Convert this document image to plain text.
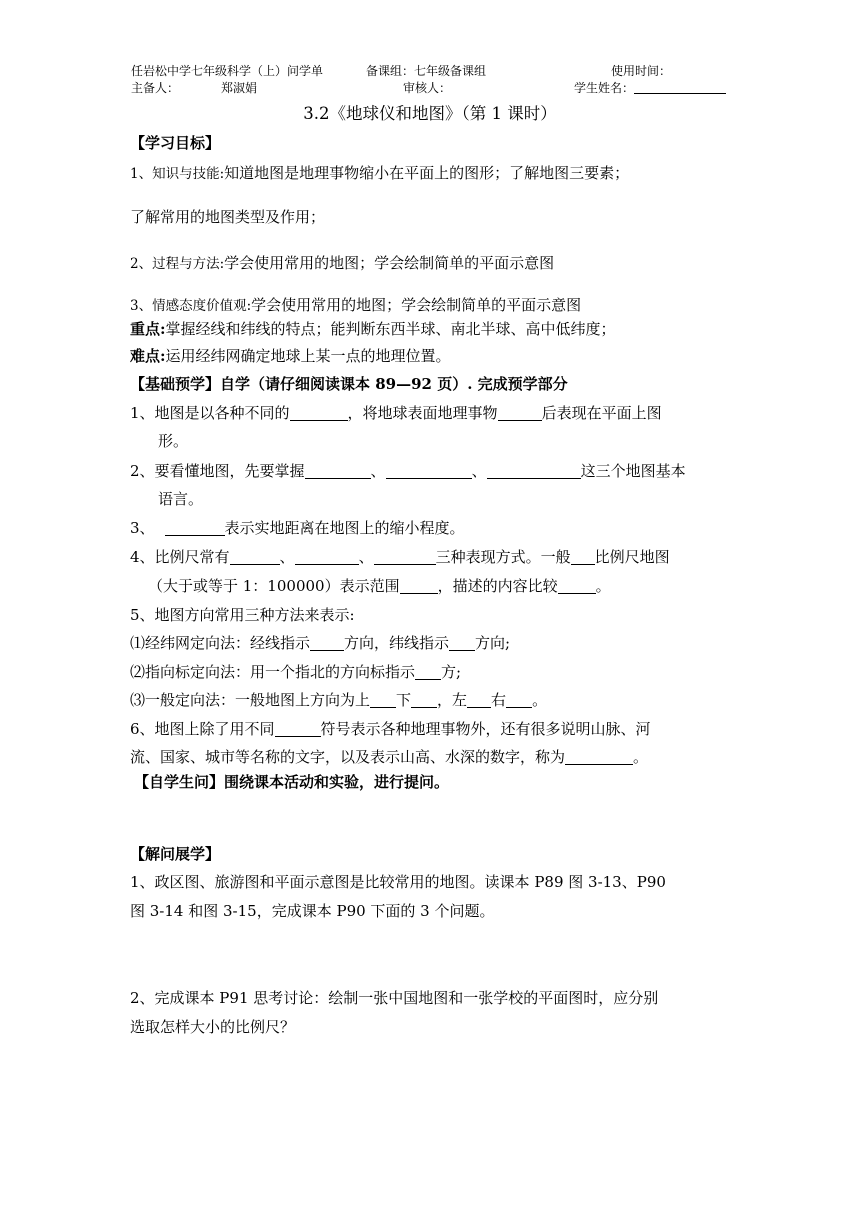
任岩松中学七年级科学（上）问学单	备课组：七年级备课组	使用时间：
主备人：	郑淑娟	审核人：	学生姓名：
3.2《地球仪和地图》（第 1 课时）
【学习目标】
1、知识与技能:知道地图是地理事物缩小在平面上的图形；了解地图三要素；
了解常用的地图类型及作用；
2、过程与方法:学会使用常用的地图；学会绘制简单的平面示意图
3、情感态度价值观:学会使用常用的地图；学会绘制简单的平面示意图
重点:掌握经线和纬线的特点；能判断东西半球、南北半球、高中低纬度；
难点:运用经纬网确定地球上某一点的地理位置。
【基础预学】自学（请仔细阅读课本 89—92 页）. 完成预学部分
1、地图是以各种不同的	，将地球表面地理事物	后表现在平面上图
形。
2、要看懂地图，先要掌握	、	、	这三个地图基本
语言。
3、	表示实地距离在地图上的缩小程度。
4、比例尺常有	、	、	三种表现方式。一般 比例尺地图
（大于或等于 1：100000）表示范围	，描述的内容比较	。
5、地图方向常用三种方法来表示:
⑴经纬网定向法：经线指示 方向，纬线指示 方向;
⑵指向标定向法：用一个指北的方向标指示 方;
⑶一般定向法：一般地图上方向为上 下 ，左 右 。
6、地图上除了用不同	符号表示各种地理事物外，还有很多说明山脉、河
流、国家、城市等名称的文字，以及表示山高、水深的数字，称为	。
【自学生问】围绕课本活动和实验，进行提问。
【解问展学】
1、政区图、旅游图和平面示意图是比较常用的地图。读课本 P89 图 3-13、P90
图 3-14 和图 3-15，完成课本 P90 下面的 3 个问题。
2、完成课本 P91 思考讨论：绘制一张中国地图和一张学校的平面图时，应分别
选取怎样大小的比例尺？
